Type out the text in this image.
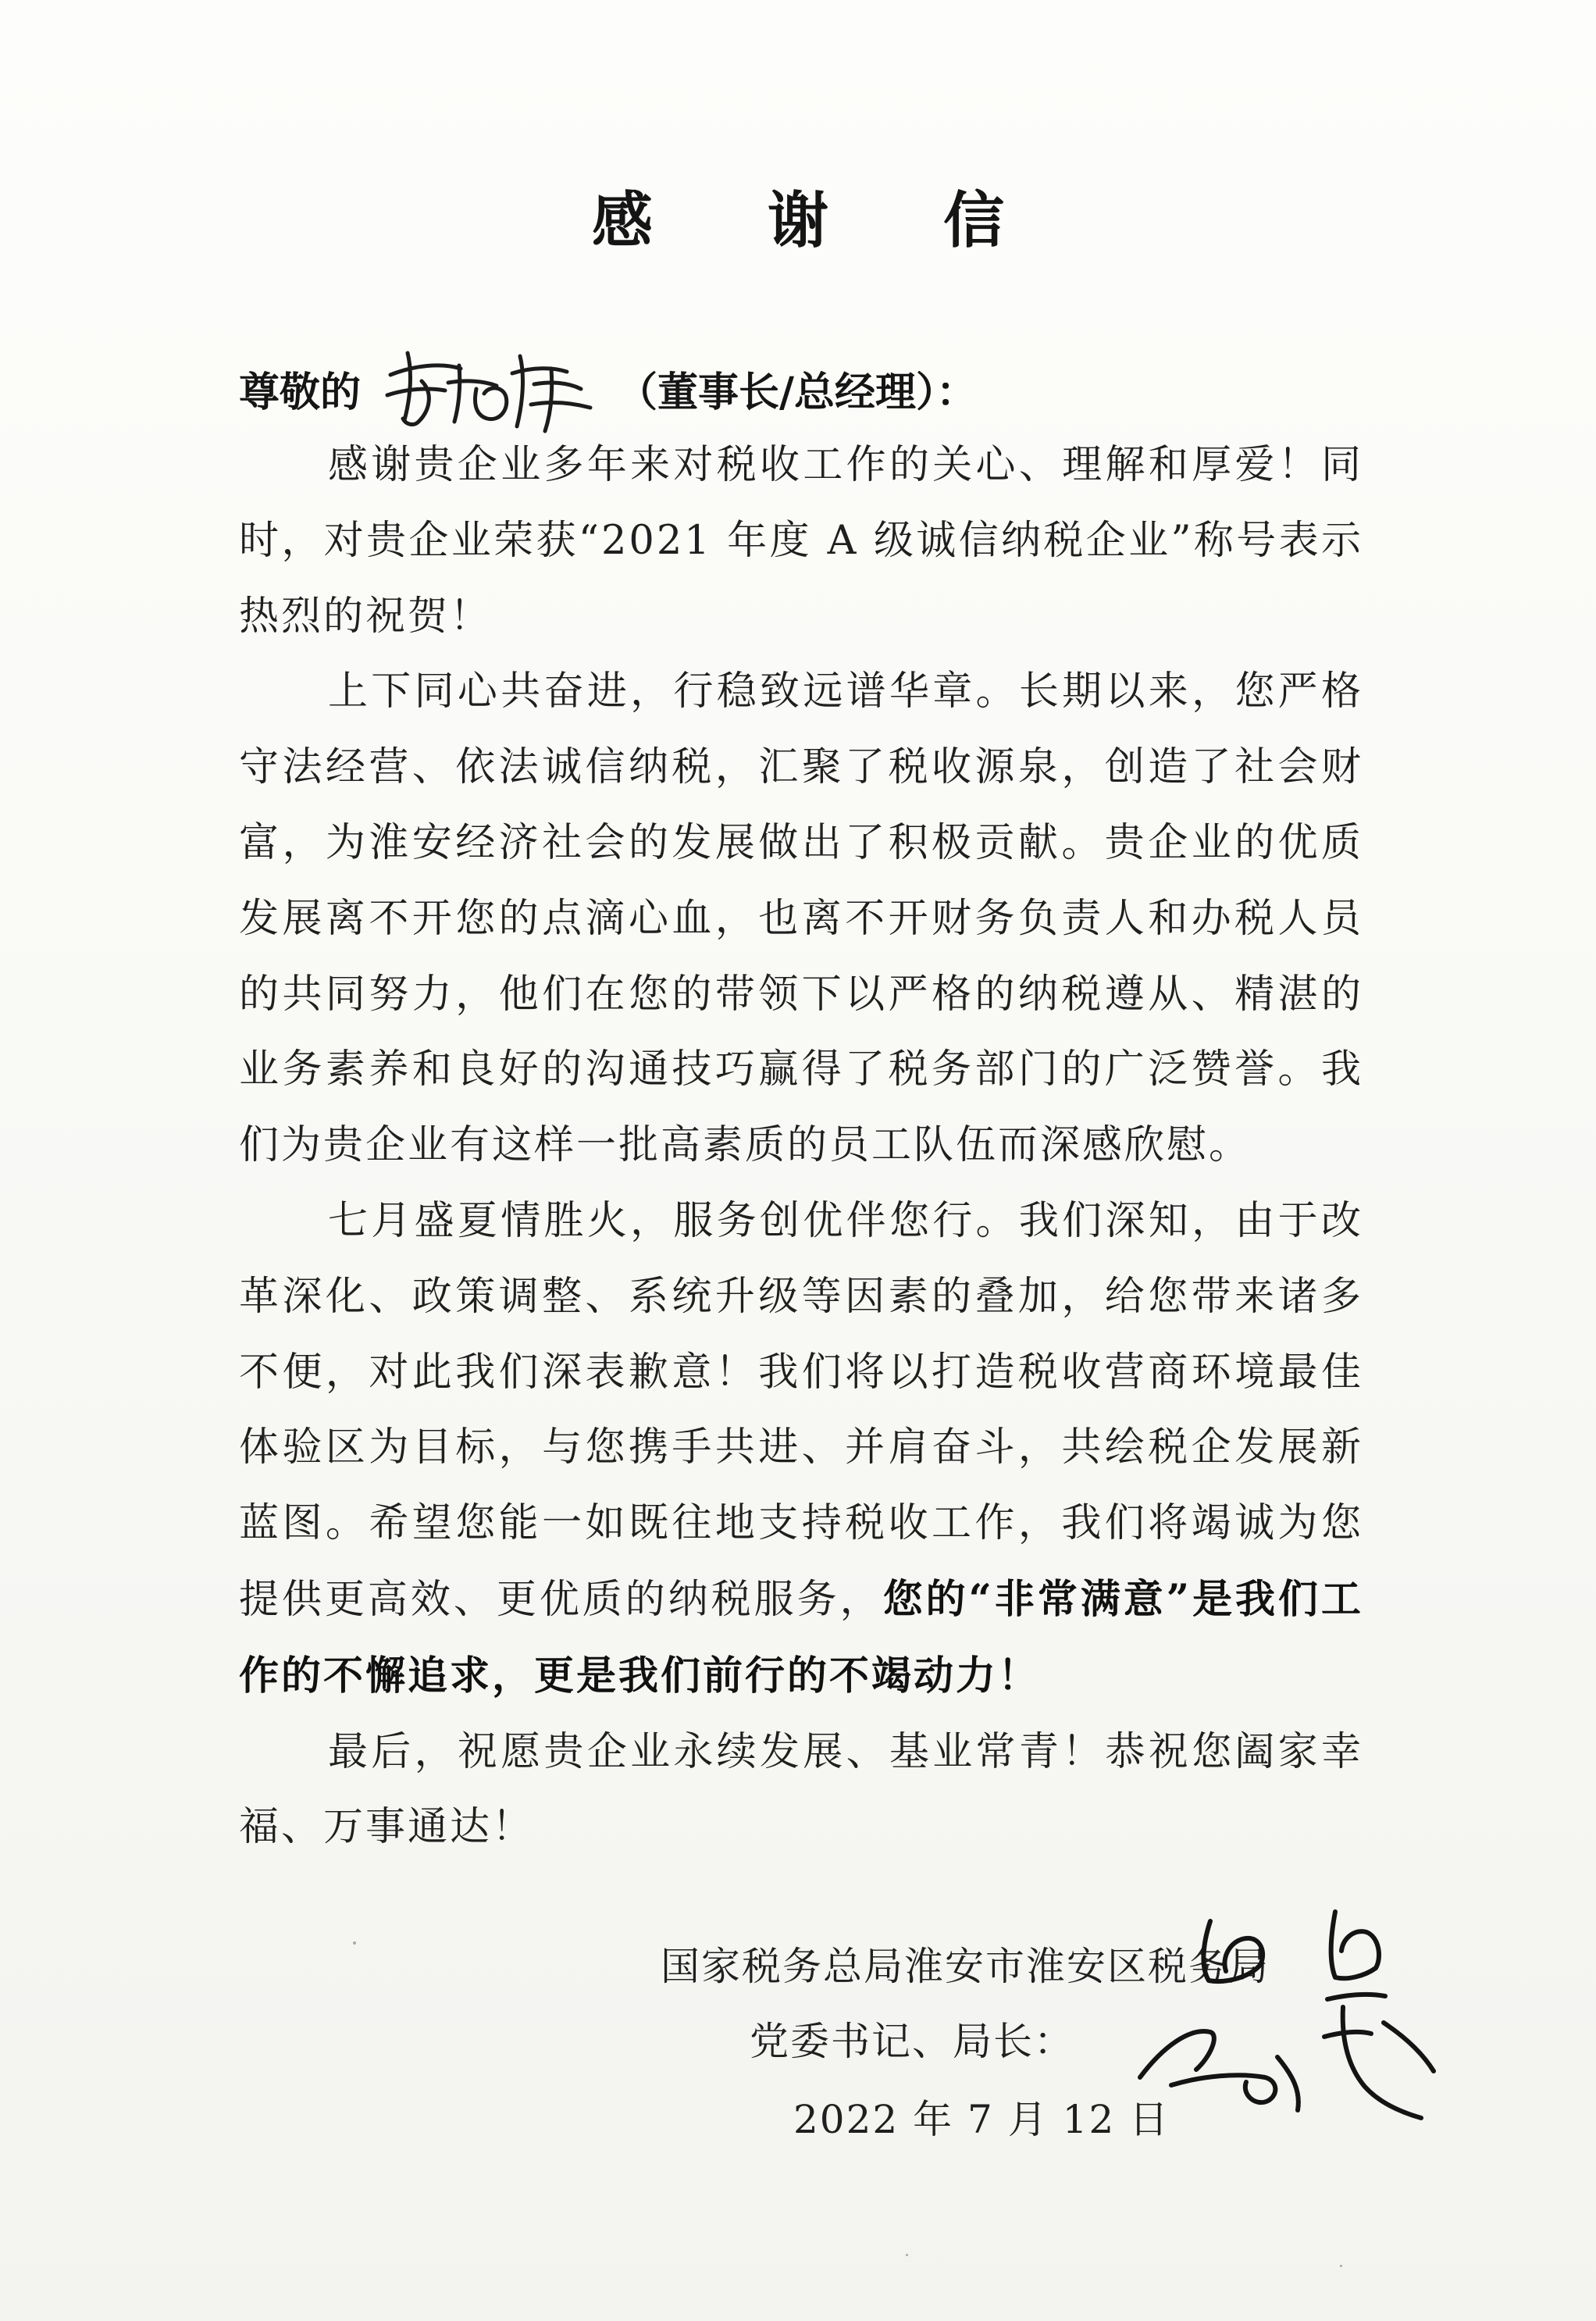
感 谢 信
尊敬的	（董事长/总经理）：

感谢贵企业多年来对税收工作的关心、理解和厚爱！同时，对贵企业荣获“2021 年度 A 级诚信纳税企业”称号表示热烈的祝贺！

上下同心共奋进，行稳致远谱华章。长期以来，您严格守法经营、依法诚信纳税，汇聚了税收源泉，创造了社会财富，为淮安经济社会的发展做出了积极贡献。贵企业的优质发展离不开您的点滴心血，也离不开财务负责人和办税人员的共同努力，他们在您的带领下以严格的纳税遵从、精湛的业务素养和良好的沟通技巧赢得了税务部门的广泛赞誉。我们为贵企业有这样一批高素质的员工队伍而深感欣慰。

七月盛夏情胜火，服务创优伴您行。我们深知，由于改革深化、政策调整、系统升级等因素的叠加，给您带来诸多不便，对此我们深表歉意！我们将以打造税收营商环境最佳体验区为目标，与您携手共进、并肩奋斗，共绘税企发展新蓝图。希望您能一如既往地支持税收工作，我们将竭诚为您提供更高效、更优质的纳税服务，您的“非常满意”是我们工作的不懈追求，更是我们前行的不竭动力！

最后，祝愿贵企业永续发展、基业常青！恭祝您阖家幸福、万事通达！

国家税务总局淮安市淮安区税务局
党委书记、局长：
2022 年 7 月 12 日
